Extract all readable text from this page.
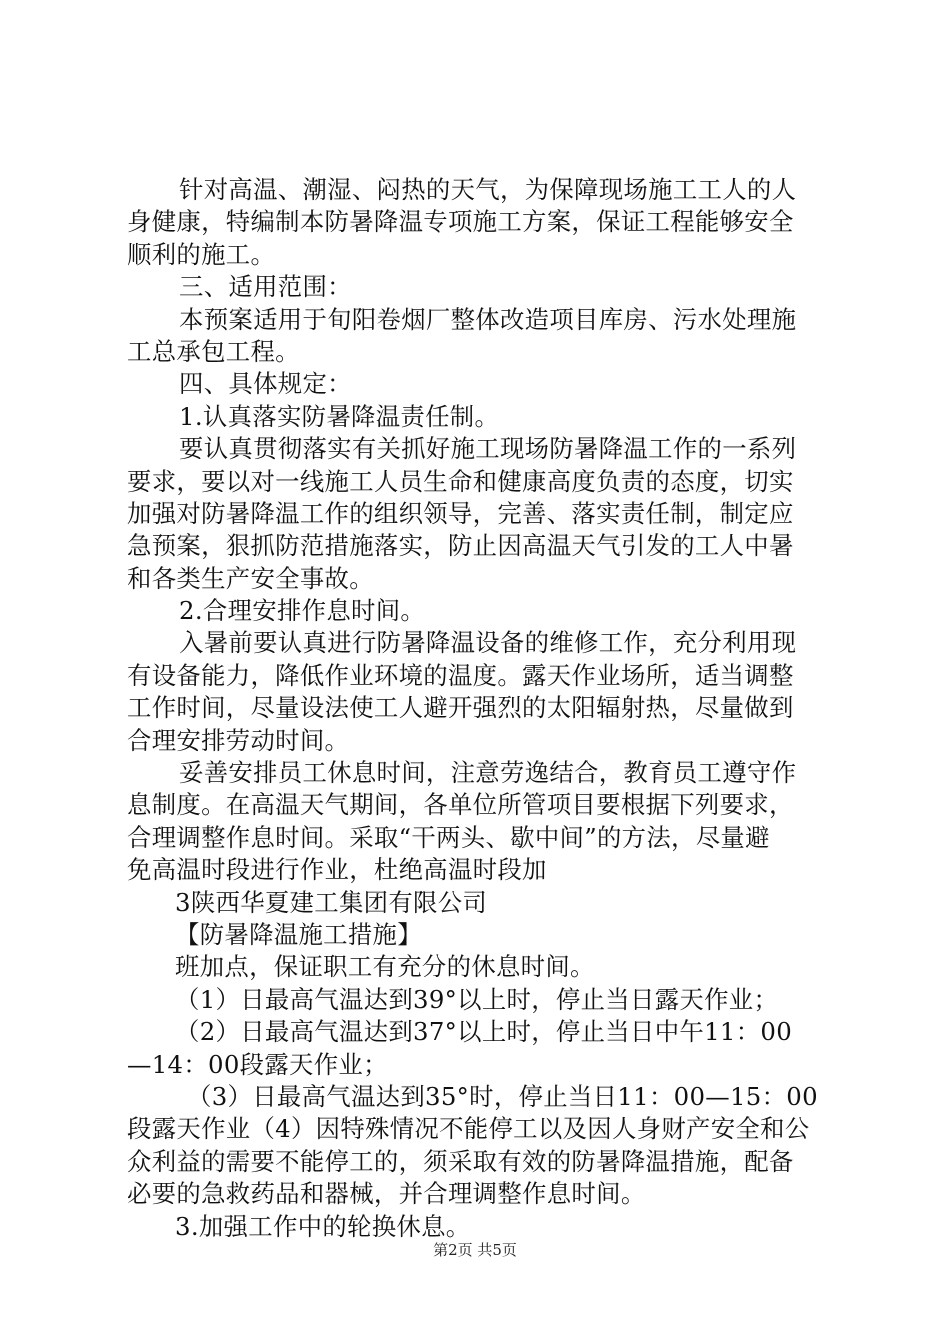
针对高温、潮湿、闷热的天气，为保障现场施工工人的人
身健康，特编制本防暑降温专项施工方案，保证工程能够安全
顺利的施工。
三、适用范围：
本预案适用于旬阳卷烟厂整体改造项目库房、污水处理施
工总承包工程。
四、具体规定：
1.认真落实防暑降温责任制。
要认真贯彻落实有关抓好施工现场防暑降温工作的一系列
要求，要以对一线施工人员生命和健康高度负责的态度，切实
加强对防暑降温工作的组织领导，完善、落实责任制，制定应
急预案，狠抓防范措施落实，防止因高温天气引发的工人中暑
和各类生产安全事故。
2.合理安排作息时间。
入暑前要认真进行防暑降温设备的维修工作，充分利用现
有设备能力，降低作业环境的温度。露天作业场所，适当调整
工作时间，尽量设法使工人避开强烈的太阳辐射热，尽量做到
合理安排劳动时间。
妥善安排员工休息时间，注意劳逸结合，教育员工遵守作
息制度。在高温天气期间，各单位所管项目要根据下列要求，
合理调整作息时间。采取“干两头、歇中间”的方法，尽量避
免高温时段进行作业，杜绝高温时段加
3陕西华夏建工集团有限公司
【防暑降温施工措施】
班加点，保证职工有充分的休息时间。
（1）日最高气温达到39°以上时，停止当日露天作业；
（2）日最高气温达到37°以上时，停止当日中午11：00
—14：00段露天作业；
（3）日最高气温达到35°时，停止当日11：00—15：00
段露天作业（4）因特殊情况不能停工以及因人身财产安全和公
众利益的需要不能停工的，须采取有效的防暑降温措施，配备
必要的急救药品和器械，并合理调整作息时间。
3.加强工作中的轮换休息。
第2页 共5页
